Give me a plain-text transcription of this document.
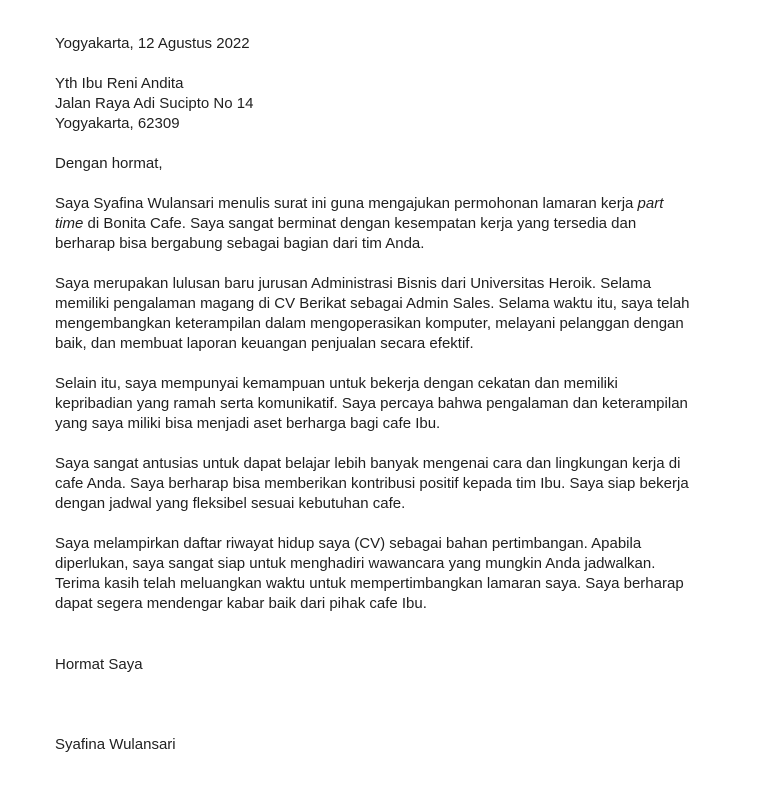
Yogyakarta, 12 Agustus 2022
Yth Ibu Reni Andita
Jalan Raya Adi Sucipto No 14
Yogyakarta, 62309
Dengan hormat,
Saya Syafina Wulansari menulis surat ini guna mengajukan permohonan lamaran kerja part
time di Bonita Cafe. Saya sangat berminat dengan kesempatan kerja yang tersedia dan
berharap bisa bergabung sebagai bagian dari tim Anda.
Saya merupakan lulusan baru jurusan Administrasi Bisnis dari Universitas Heroik. Selama
memiliki pengalaman magang di CV Berikat sebagai Admin Sales. Selama waktu itu, saya telah
mengembangkan keterampilan dalam mengoperasikan komputer, melayani pelanggan dengan
baik, dan membuat laporan keuangan penjualan secara efektif.
Selain itu, saya mempunyai kemampuan untuk bekerja dengan cekatan dan memiliki
kepribadian yang ramah serta komunikatif. Saya percaya bahwa pengalaman dan keterampilan
yang saya miliki bisa menjadi aset berharga bagi cafe Ibu.
Saya sangat antusias untuk dapat belajar lebih banyak mengenai cara dan lingkungan kerja di
cafe Anda. Saya berharap bisa memberikan kontribusi positif kepada tim Ibu. Saya siap bekerja
dengan jadwal yang fleksibel sesuai kebutuhan cafe.
Saya melampirkan daftar riwayat hidup saya (CV) sebagai bahan pertimbangan. Apabila
diperlukan, saya sangat siap untuk menghadiri wawancara yang mungkin Anda jadwalkan.
Terima kasih telah meluangkan waktu untuk mempertimbangkan lamaran saya. Saya berharap
dapat segera mendengar kabar baik dari pihak cafe Ibu.
Hormat Saya
Syafina Wulansari
